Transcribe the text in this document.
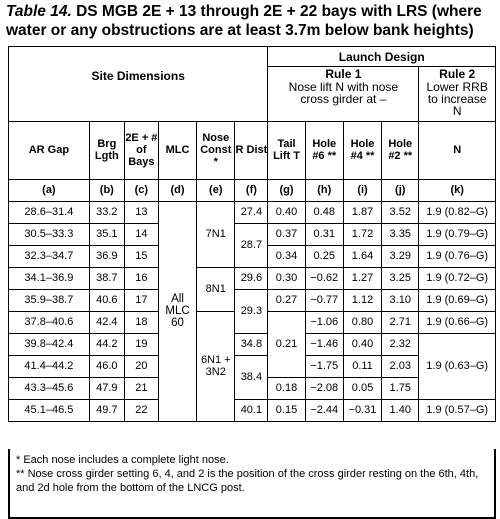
Table 14. DS MGB 2E + 13 through 2E + 22 bays with LRS (where water or any obstructions are at least 3.7m below bank heights)
Site Dimensions						Launch Design				
						Rule 1				Rule 2
						Nose lift N with nose cross girder at –				Lower RRB to increase N
AR Gap	Brg Lgth	2E + # of Bays	MLC	Nose Const *	R Dist	Tail Lift T	Hole #6 **	Hole #4 **	Hole #2 **	N
(a)	(b)	(c)	(d)	(e)	(f)	(g)	(h)	(i)	(j)	(k)
28.6–31.4	33.2	13	All MLC 60	7N1	27.4	0.40	0.48	1.87	3.52	1.9 (0.82–G)
30.5–33.3	35.1	14			28.7	0.37	0.31	1.72	3.35	1.9 (0.79–G)
32.3–34.7	36.9	15				0.34	0.25	1.64	3.29	1.9 (0.76–G)
34.1–36.9	38.7	16		8N1	29.6	0.30	−0.62	1.27	3.25	1.9 (0.72–G)
35.9–38.7	40.6	17			29.3	0.27	−0.77	1.12	3.10	1.9 (0.69–G)
37.8–40.6	42.4	18		6N1 + 3N2		0.21	−1.06	0.80	2.71	1.9 (0.66–G)
39.8–42.4	44.2	19			34.8		−1.46	0.40	2.32	1.9 (0.63–G)
41.4–44.2	46.0	20			38.4		−1.75	0.11	2.03	
43.3–45.6	47.9	21				0.18	−2.08	0.05	1.75	
45.1–46.5	49.7	22			40.1	0.15	−2.44	−0.31	1.40	1.9 (0.57–G)

* Each nose includes a complete light nose.

** Nose cross girder setting 6, 4, and 2 is the position of the cross girder resting on the 6th, 4th, and 2d hole from the bottom of the LNCG post.
